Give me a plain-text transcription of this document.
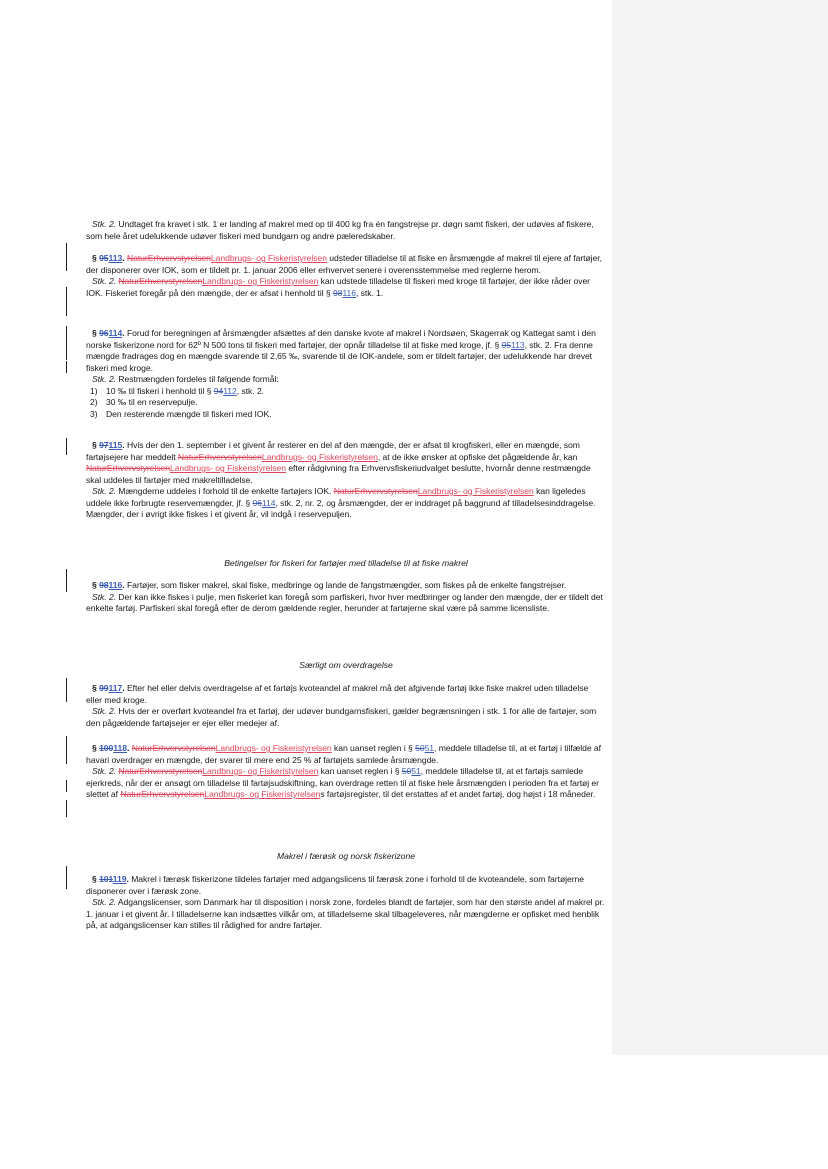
Stk. 2. Undtaget fra kravet i stk. 1 er landing af makrel med op til 400 kg fra én fangstrejse pr. døgn samt fiskeri, der udøves af fiskere, som hele året udelukkende udøver fiskeri med bundgarn og andre pæleredskaber.

§ 95113. NaturErhvervstyrelsenLandbrugs- og Fiskeristyrelsen udsteder tilladelse til at fiske en årsmængde af makrel til ejere af fartøjer, der disponerer over IOK, som er tildelt pr. 1. januar 2006 eller erhvervet senere i overensstemmelse med reglerne herom.

Stk. 2. NaturErhvervstyrelsenLandbrugs- og Fiskeristyrelsen kan udstede tilladelse til fiskeri med kroge til fartøjer, der ikke råder over IOK. Fiskeriet foregår på den mængde, der er afsat i henhold til § 98116, stk. 1.

§ 96114. Forud for beregningen af årsmængder afsættes af den danske kvote af makrel i Nordsøen, Skagerrak og Kattegat samt i den norske fiskerizone nord for 62º N 500 tons til fiskeri med fartøjer, der opnår tilladelse til at fiske med kroge, jf. § 95113, stk. 2. Fra denne mængde fradrages dog en mængde svarende til 2,65 ‰, svarende til de IOK-andele, som er tildelt fartøjer, der udelukkende har drevet fiskeri med kroge.

Stk. 2. Restmængden fordeles til følgende formål:

1) 10 ‰ til fiskeri i henhold til § 94112, stk. 2.
2) 30 ‰ til en reservepulje.
3) Den resterende mængde til fiskeri med IOK.

§ 97115. Hvis der den 1. september i et givent år resterer en del af den mængde, der er afsat til krogfiskeri, eller en mængde, som fartøjsejere har meddelt NaturErhvervstyrelsenLandbrugs- og Fiskeristyrelsen, at de ikke ønsker at opfiske det pågældende år, kan NaturErhvervstyrelsenLandbrugs- og Fiskeristyrelsen efter rådgivning fra Erhvervsfiskeriudvalget beslutte, hvornår denne restmængde skal uddeles til fartøjer med makreltilladelse.

Stk. 2. Mængderne uddeles i forhold til de enkelte fartøjers IOK. NaturErhvervstyrelsenLandbrugs- og Fiskeristyrelsen kan ligeledes uddele ikke forbrugte reservemængder, jf. § 96114, stk. 2, nr. 2, og årsmængder, der er inddraget på baggrund af tilladelsesinddragelse. Mængder, der i øvrigt ikke fiskes i et givent år, vil indgå i reservepuljen.

Betingelser for fiskeri for fartøjer med tilladelse til at fiske makrel

§ 98116. Fartøjer, som fisker makrel, skal fiske, medbringe og lande de fangstmængder, som fiskes på de enkelte fangstrejser.

Stk. 2. Der kan ikke fiskes i pulje, men fiskeriet kan foregå som parfiskeri, hvor hver medbringer og lander den mængde, der er tildelt det enkelte fartøj. Parfiskeri skal foregå efter de derom gældende regler, herunder at fartøjerne skal være på samme licensliste.

Særligt om overdragelse

§ 99117. Efter hel eller delvis overdragelse af et fartøjs kvoteandel af makrel må det afgivende fartøj ikke fiske makrel uden tilladelse eller med kroge.

Stk. 2. Hvis der er overført kvoteandel fra et fartøj, der udøver bundgarnsfiskeri, gælder begrænsningen i stk. 1 for alle de fartøjer, som den pågældende fartøjsejer er ejer eller medejer af.

§ 100118. NaturErhvervstyrelsenLandbrugs- og Fiskeristyrelsen kan uanset reglen i § 5051, meddele tilladelse til, at et fartøj i tilfælde af havari overdrager en mængde, der svarer til mere end 25 % af fartøjets samlede årsmængde.

Stk. 2. NaturErhvervstyrelsenLandbrugs- og Fiskeristyrelsen kan uanset reglen i § 5051, meddele tilladelse til, at et fartøjs samlede ejerkreds, når der er ansøgt om tilladelse til fartøjsudskiftning, kan overdrage retten til at fiske hele årsmængden i perioden fra et fartøj er slettet af NaturErhvervstyrelsenLandbrugs- og Fiskeristyrelsens fartøjsregister, til det erstattes af et andet fartøj, dog højst i 18 måneder.

Makrel i færøsk og norsk fiskerizone

§ 101119. Makrel i færøsk fiskerizone tildeles fartøjer med adgangslicens til færøsk zone i forhold til de kvoteandele, som fartøjerne disponerer over i færøsk zone.

Stk. 2. Adgangslicenser, som Danmark har til disposition i norsk zone, fordeles blandt de fartøjer, som har den største andel af makrel pr. 1. januar i et givent år. I tilladelserne kan indsættes vilkår om, at tilladelserne skal tilbageleveres, når mængderne er opfisket med henblik på, at adgangslicenser kan stilles til rådighed for andre fartøjer.
